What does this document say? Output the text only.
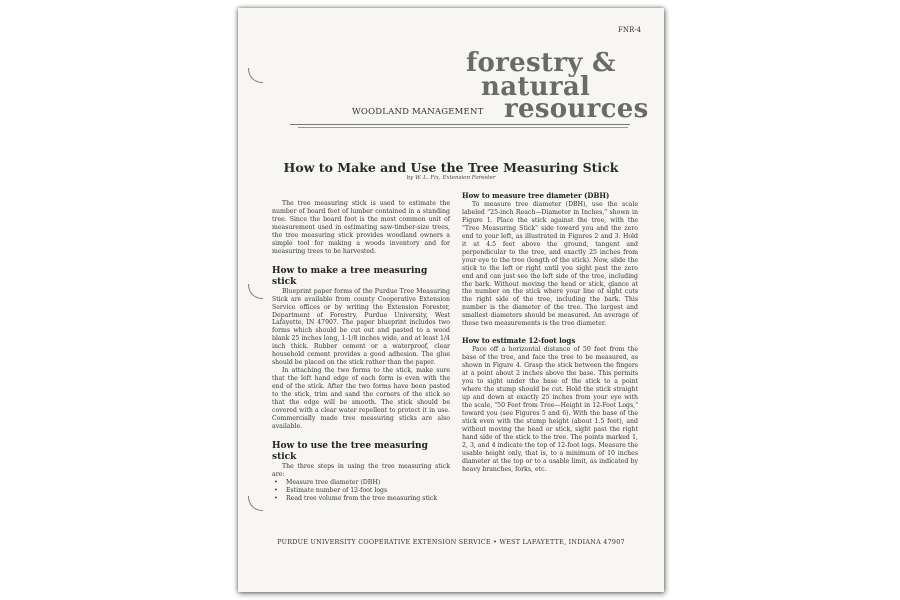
FNR-4
forestry &
natural
resources
WOODLAND MANAGEMENT
How to Make and Use the Tree Measuring Stick
by W. L. Fix, Extension Forester

The tree measuring stick is used to estimate the number of board feet of lumber contained in a standing tree. Since the board foot is the most common unit of measurement used in estimating saw-timber-size trees, the tree measuring stick provides woodland owners a simple tool for making a woods inventory and for measuring trees to be harvested.

How to make a tree measuring stick

Blueprint paper forms of the Purdue Tree Measuring Stick are available from county Cooperative Extension Service offices or by writing the Extension Forester, Department of Forestry, Purdue University, West Lafayette, IN 47907. The paper blueprint includes two forms which should be cut out and pasted to a wood blank 25 inches long, 1-1/8 inches wide, and at least 1/4 inch thick. Rubber cement or a waterproof, clear household cement provides a good adhesion. The glue should be placed on the stick rather than the paper.

In attaching the two forms to the stick, make sure that the left hand edge of each form is even with the end of the stick. After the two forms have been pasted to the stick, trim and sand the corners of the stick so that the edge will be smooth. The stick should be covered with a clear water repellent to protect it in use. Commercially made tree measuring sticks are also available.

How to use the tree measuring stick

The three steps in using the tree measuring stick are:

• Measure tree diameter (DBH)
• Estimate number of 12-foot logs
• Read tree volume from the tree measuring stick
How to measure tree diameter (DBH)

To measure tree diameter (DBH), use the scale labeled "25-inch Reach—Diameter in Inches," shown in Figure 1. Place the stick against the tree, with the "Tree Measuring Stick" side toward you and the zero end to your left, as illustrated in Figures 2 and 3. Hold it at 4.5 feet above the ground, tangent and perpendicular to the tree, and exactly 25 inches from your eye to the tree (length of the stick). Now, slide the stick to the left or right until you sight past the zero end and can just see the left side of the tree, including the bark. Without moving the head or stick, glance at the number on the stick where your line of sight cuts the right side of the tree, including the bark. This number is the diameter of the tree. The largest and smallest diameters should be measured. An average of these two measurements is the tree diameter.

How to estimate 12-foot logs

Pace off a horizontal distance of 50 feet from the base of the tree, and face the tree to be measured, as shown in Figure 4. Grasp the stick between the fingers at a point about 2 inches above the base. This permits you to sight under the base of the stick to a point where the stump should be cut. Hold the stick straight up and down at exactly 25 inches from your eye with the scale, "50 Feet from Tree—Height in 12-Foot Logs," toward you (see Figures 5 and 6). With the base of the stick even with the stump height (about 1.5 feet), and without moving the head or stick, sight past the right hand side of the stick to the tree. The points marked 1, 2, 3, and 4 indicate the top of 12-foot logs. Measure the usable height only, that is, to a minimum of 10 inches diameter at the top or to a usable limit, as indicated by heavy branches, forks, etc.

PURDUE UNIVERSITY COOPERATIVE EXTENSION SERVICE • WEST LAFAYETTE, INDIANA 47907
